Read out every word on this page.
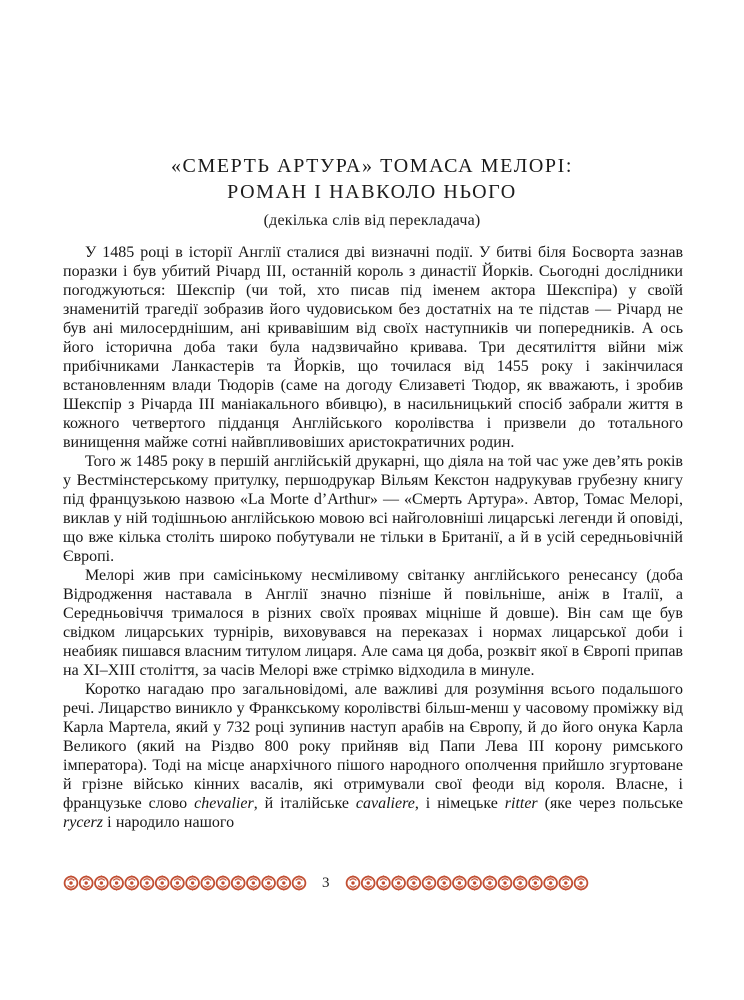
«СМЕРТЬ АРТУРА» ТОМАСА МЕЛОРІ:
РОМАН І НАВКОЛО НЬОГО
(декілька слів від перекладача)

У 1485 році в історії Англії сталися дві визначні події. У битві біля Босворта зазнав поразки і був убитий Річард III, останній король з династії Йорків. Сьогодні дослідники погоджуються: Шекспір (чи той, хто писав під іменем актора Шекспіра) у своїй знаменитій трагедії зобразив його чудовиськом без достатніх на те підстав — Річард не був ані милосерднішим, ані кривавішим від своїх наступників чи попередників. А ось його історична доба таки була надзвичайно кривава. Три десятиліття війни між прибічниками Ланкастерів та Йорків, що точилася від 1455 року і закінчилася встановленням влади Тюдорів (саме на догоду Єлизаветі Тюдор, як вважають, і зробив Шекспір з Річарда III маніакального вбивцю), в насильницький спосіб забрали життя в кожного четвертого підданця Англійського королівства і призвели до тотального винищення майже сотні найвпливовіших аристократичних родин.

Того ж 1485 року в першій англійській друкарні, що діяла на той час уже дев’ять років у Вестмінстерському притулку, першодрукар Вільям Кекстон надрукував грубезну книгу під французькою назвою «La Morte d’Arthur» — «Смерть Артура». Автор, Томас Мелорі, виклав у ній тодішньою англійською мовою всі найголовніші лицарські легенди й оповіді, що вже кілька століть широко побутували не тільки в Британії, а й в усій середньовічній Європі.

Мелорі жив при самісінькому несміливому світанку англійського ренесансу (доба Відродження наставала в Англії значно пізніше й повільніше, аніж в Італії, а Середньовіччя трималося в різних своїх проявах міцніше й довше). Він сам ще був свідком лицарських турнірів, виховувався на переказах і нормах лицарської доби і неабияк пишався власним титулом лицаря. Але сама ця доба, розквіт якої в Європі припав на XI–XIII століття, за часів Мелорі вже стрімко відходила в минуле.

Коротко нагадаю про загальновідомі, але важливі для розуміння всього подальшого речі. Лицарство виникло у Франкському королівстві більш-менш у часовому проміжку від Карла Мартела, який у 732 році зупинив наступ арабів на Європу, й до його онука Карла Великого (який на Різдво 800 року прийняв від Папи Лева III корону римського імператора). Тоді на місце анархічного пішого народного ополчення прийшло згуртоване й грізне військо кінних васалів, які отримували свої феоди від короля. Власне, і французьке слово chevalier, й італійське cavaliere, і німецьке ritter (яке через польське rycerz і народило нашого

3
